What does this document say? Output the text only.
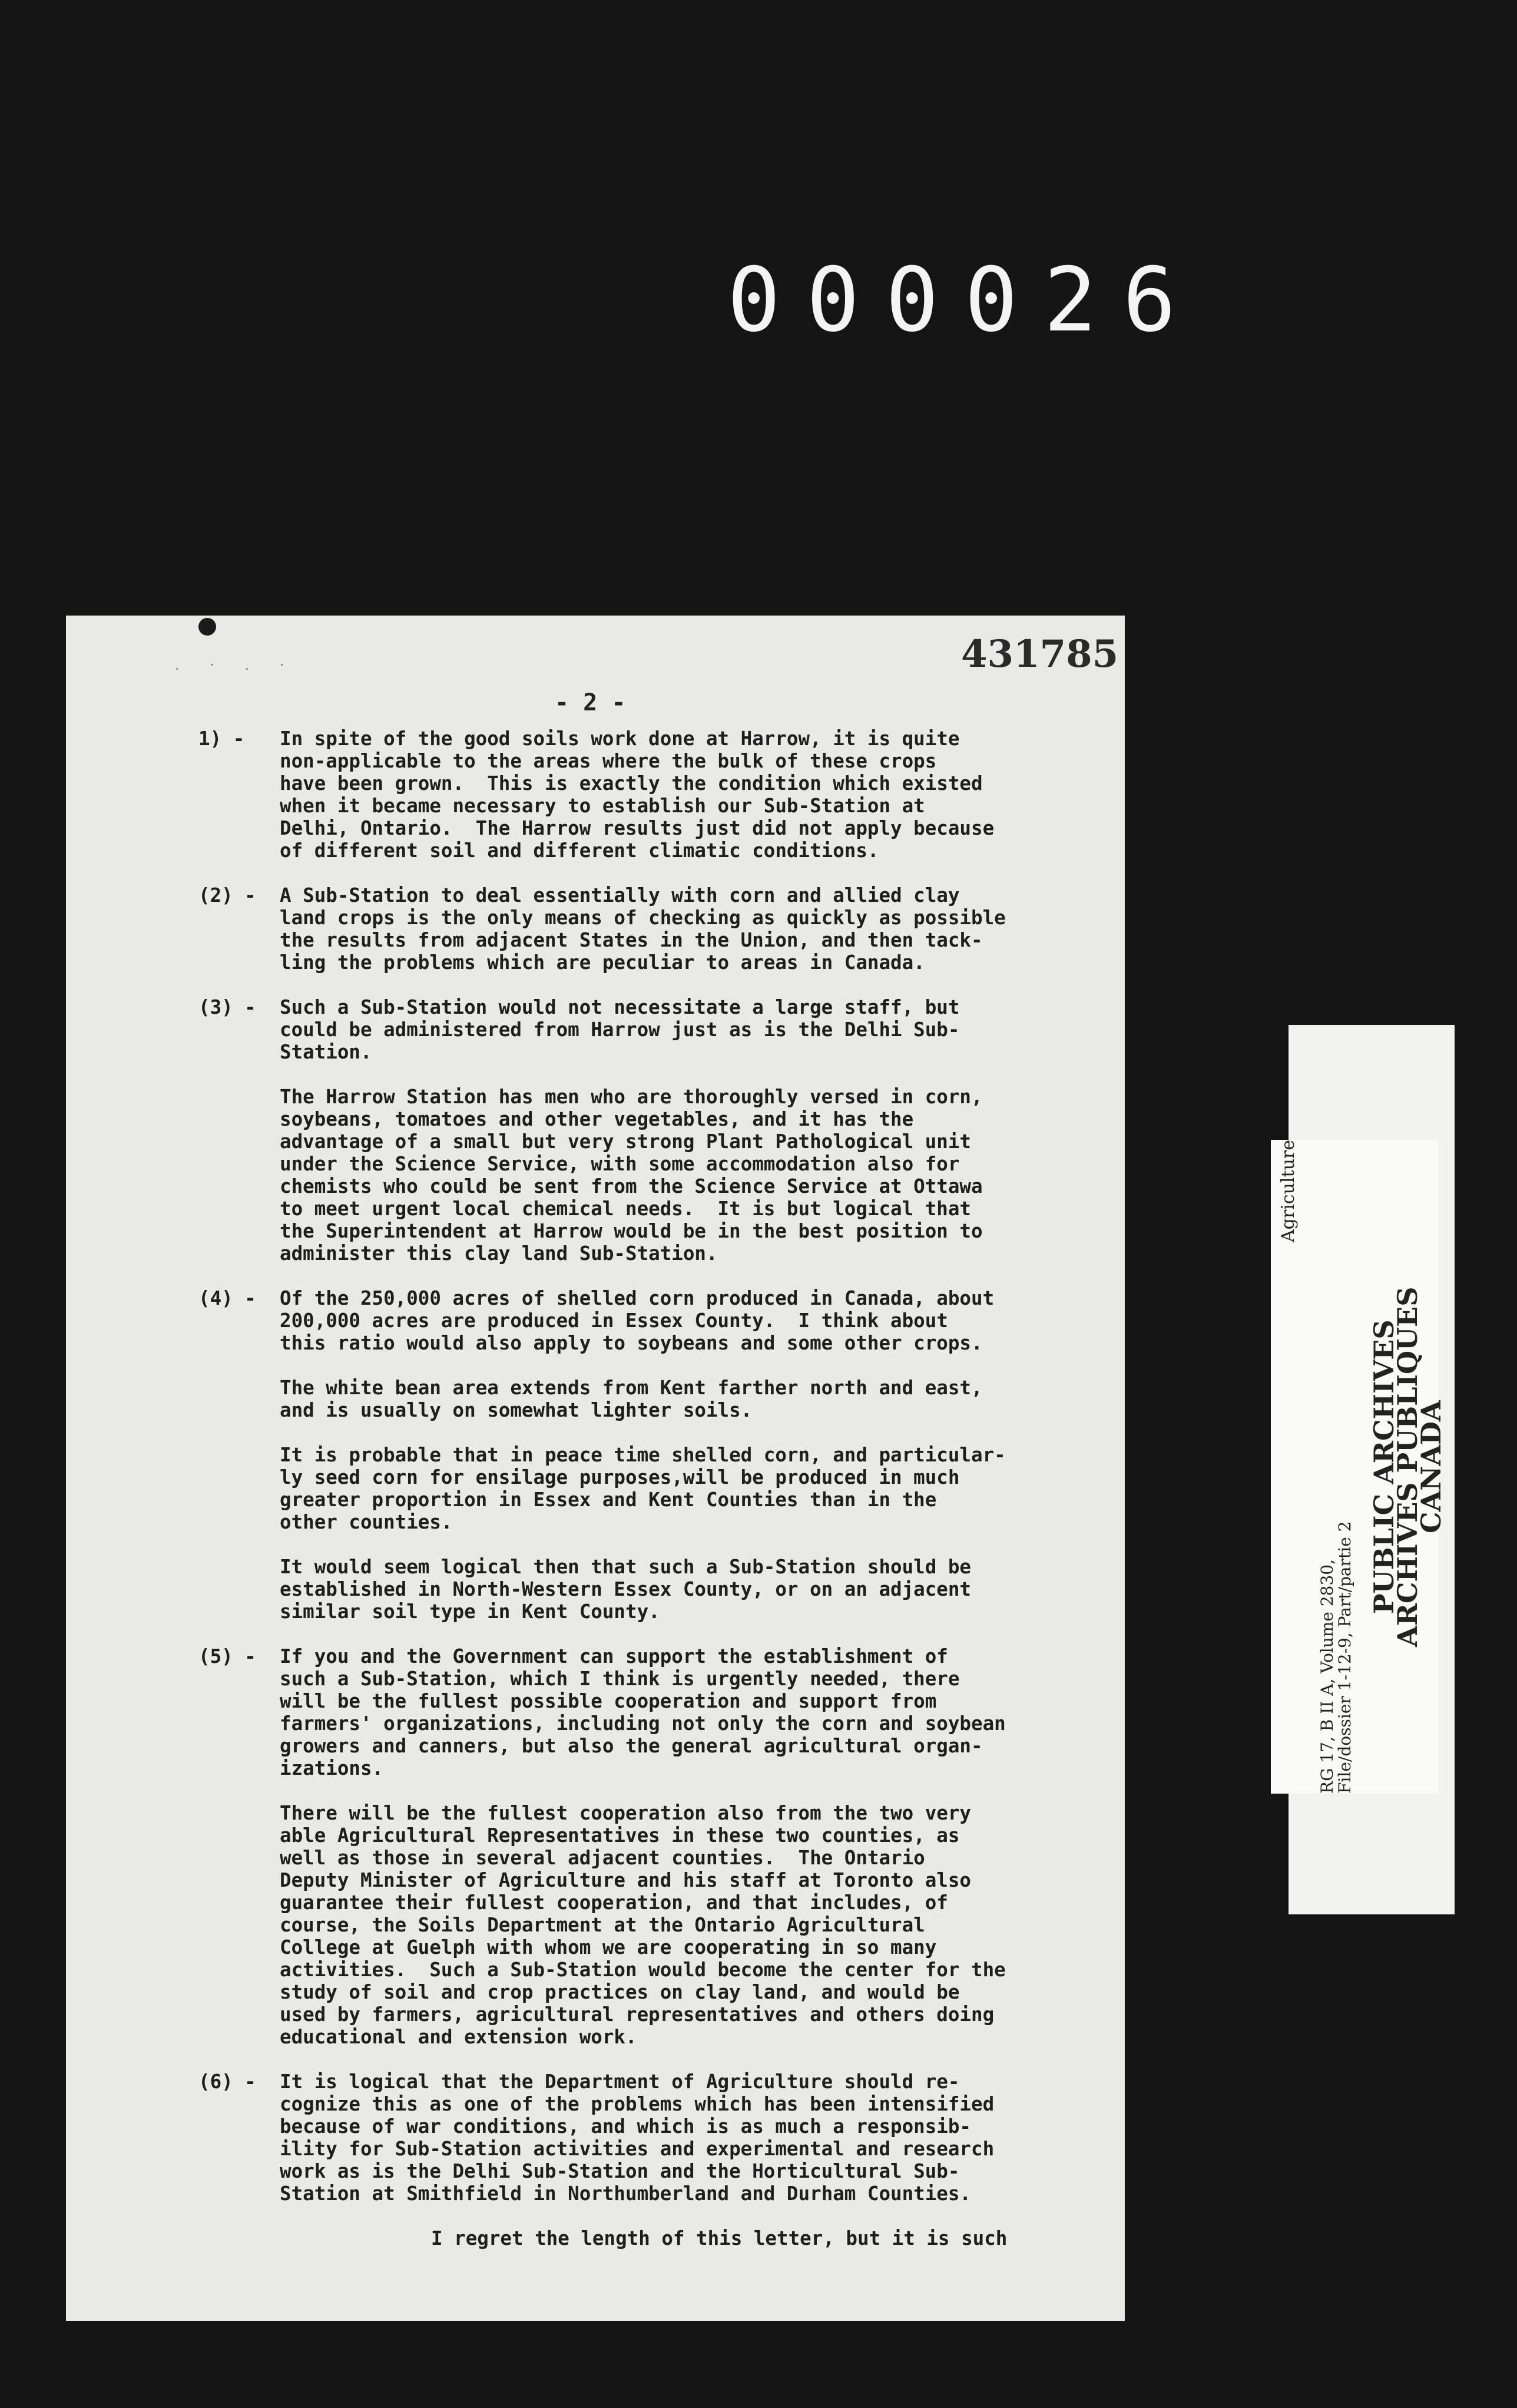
000026
. · . ·	431785
- 2 -
1) -	In spite of the good soils work done at Harrow, it is quite
non-applicable to the areas where the bulk of these crops
have been grown.  This is exactly the condition which existed
when it became necessary to establish our Sub-Station at
Delhi, Ontario.  The Harrow results just did not apply because
of different soil and different climatic conditions.
(2) -	A Sub-Station to deal essentially with corn and allied clay
land crops is the only means of checking as quickly as possible
the results from adjacent States in the Union, and then tack-
ling the problems which are peculiar to areas in Canada.
(3) -	Such a Sub-Station would not necessitate a large staff, but
could be administered from Harrow just as is the Delhi Sub-
Station.
The Harrow Station has men who are thoroughly versed in corn,
soybeans, tomatoes and other vegetables, and it has the
advantage of a small but very strong Plant Pathological unit
under the Science Service, with some accommodation also for
chemists who could be sent from the Science Service at Ottawa
to meet urgent local chemical needs.  It is but logical that
the Superintendent at Harrow would be in the best position to
administer this clay land Sub-Station.
(4) -	Of the 250,000 acres of shelled corn produced in Canada, about
200,000 acres are produced in Essex County.  I think about
this ratio would also apply to soybeans and some other crops.
The white bean area extends from Kent farther north and east,
and is usually on somewhat lighter soils.
It is probable that in peace time shelled corn, and particular-
ly seed corn for ensilage purposes,will be produced in much
greater proportion in Essex and Kent Counties than in the
other counties.
It would seem logical then that such a Sub-Station should be
established in North-Western Essex County, or on an adjacent
similar soil type in Kent County.
(5) -	If you and the Government can support the establishment of
such a Sub-Station, which I think is urgently needed, there
will be the fullest possible cooperation and support from
farmers' organizations, including not only the corn and soybean
growers and canners, but also the general agricultural organ-
izations.
There will be the fullest cooperation also from the two very
able Agricultural Representatives in these two counties, as
well as those in several adjacent counties.  The Ontario
Deputy Minister of Agriculture and his staff at Toronto also
guarantee their fullest cooperation, and that includes, of
course, the Soils Department at the Ontario Agricultural
College at Guelph with whom we are cooperating in so many
activities.  Such a Sub-Station would become the center for the
study of soil and crop practices on clay land, and would be
used by farmers, agricultural representatives and others doing
educational and extension work.
(6) -	It is logical that the Department of Agriculture should re-
cognize this as one of the problems which has been intensified
because of war conditions, and which is as much a responsib-
ility for Sub-Station activities and experimental and research
work as is the Delhi Sub-Station and the Horticultural Sub-
Station at Smithfield in Northumberland and Durham Counties.
I regret the length of this letter, but it is such
Agriculture
RG 17, B II A, Volume 2830,
File/dossier 1-12-9, Part/partie 2
PUBLIC ARCHIVES
ARCHIVES PUBLIQUES
CANADA
